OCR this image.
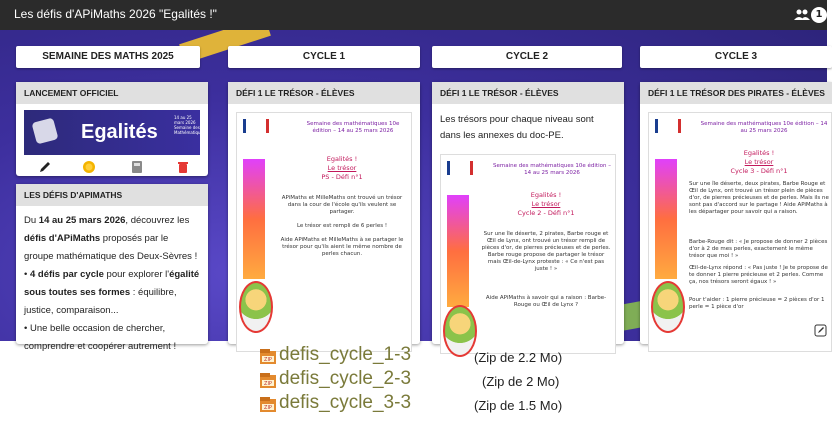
Les défis d'APiMaths 2026 "Egalités !"	1
SEMAINE DES MATHS 2025	CYCLE 1	CYCLE 2	CYCLE 3
LANCEMENT OFFICIEL
Egalités
14 au 25 mars 2026 Semaine des Mathématiques
LES DÉFIS D'APIMATHS

Du 14 au 25 mars 2026, découvrez les défis d'APiMaths proposés par le groupe mathématique des Deux-Sèvres !

• 4 défis par cycle pour explorer l'égalité sous toutes ses formes : équilibre, justice, comparaison...

• Une belle occasion de chercher, comprendre et coopérer autrement !

DÉFI 1 LE TRÉSOR - ÉLÈVES
Semaine des mathématiques 10e édition – 14 au 25 mars 2026
Egalités !
Le trésor
PS - Défi n°1
APiMaths et MilleMaths ont trouvé un trésor dans la cour de l'école qu'ils veulent se partager.
Le trésor est rempli de 6 perles !
Aide APiMaths et MilleMaths à se partager le trésor pour qu'ils aient le même nombre de perles chacun.
DÉFI 1 LE TRÉSOR - ÉLÈVES
Les trésors pour chaque niveau sont dans les annexes du doc-PE.
Semaine des mathématiques 10e édition – 14 au 25 mars 2026
Egalités !
Le trésor
Cycle 2 - Défi n°1
Sur une île déserte, 2 pirates, Barbe rouge et Œil de Lynx, ont trouvé un trésor rempli de pièces d'or, de pierres précieuses et de perles. Barbe rouge propose de partager le trésor mais Œil-de-Lynx proteste : « Ce n'est pas juste ! »
Aide APiMaths à savoir qui a raison : Barbe-Rouge ou Œil de Lynx ?
DÉFI 1 LE TRÉSOR DES PIRATES - ÉLÈVES
Semaine des mathématiques 10e édition – 14 au 25 mars 2026
Egalités !
Le trésor
Cycle 3 - Défi n°1
Sur une île déserte, deux pirates, Barbe Rouge et Œil de Lynx, ont trouvé un trésor plein de pièces d'or, de pierres précieuses et de perles. Mais ils ne sont pas d'accord sur le partage ! Aide APiMaths à les départager pour savoir qui a raison.
Barbe-Rouge dit : « Je propose de donner 2 pièces d'or à 2 de mes perles, exactement le même trésor que moi ! »
Œil-de-Lynx répond : « Pas juste ! Je te propose de te donner 1 pierre précieuse et 2 perles. Comme ça, nos trésors seront égaux ! »
Pour t'aider : 1 pierre précieuse = 2 pièces d'or 1 perle = 1 pièce d'or
ZIP defis_cycle_1-3	(Zip de 2.2 Mo)
ZIP defis_cycle_2-3	(Zip de 2 Mo)
ZIP defis_cycle_3-3	(Zip de 1.5 Mo)
